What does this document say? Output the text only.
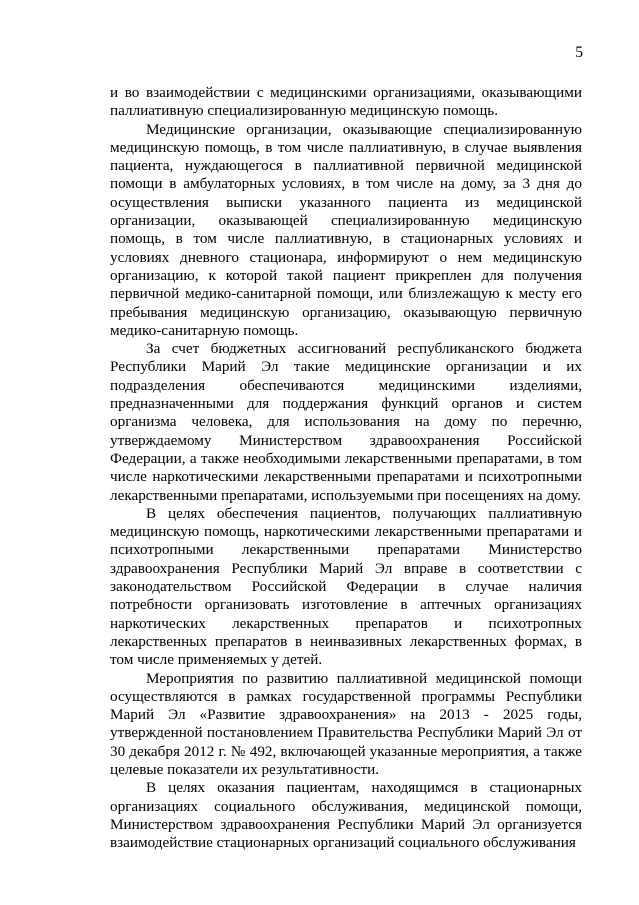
5

и во взаимодействии с медицинскими организациями, оказывающими паллиативную специализированную медицинскую помощь.

Медицинские организации, оказывающие специализированную медицинскую помощь, в том числе паллиативную, в случае выявления пациента, нуждающегося в паллиативной первичной медицинской помощи в амбулаторных условиях, в том числе на дому, за 3 дня до осуществления выписки указанного пациента из медицинской организации, оказывающей специализированную медицинскую помощь, в том числе паллиативную, в стационарных условиях и условиях дневного стационара, информируют о нем медицинскую организацию, к которой такой пациент прикреплен для получения первичной медико-санитарной помощи, или близлежащую к месту его пребывания медицинскую организацию, оказывающую первичную медико-санитарную помощь.

За счет бюджетных ассигнований республиканского бюджета Республики Марий Эл такие медицинские организации и их подразделения обеспечиваются медицинскими изделиями, предназначенными для поддержания функций органов и систем организма человека, для использования на дому по перечню, утверждаемому Министерством здравоохранения Российской Федерации, а также необходимыми лекарственными препаратами, в том числе наркотическими лекарственными препаратами и психотропными лекарственными препаратами, используемыми при посещениях на дому.

В целях обеспечения пациентов, получающих паллиативную медицинскую помощь, наркотическими лекарственными препаратами и психотропными лекарственными препаратами Министерство здравоохранения Республики Марий Эл вправе в соответствии с законодательством Российской Федерации в случае наличия потребности организовать изготовление в аптечных организациях наркотических лекарственных препаратов и психотропных лекарственных препаратов в неинвазивных лекарственных формах, в том числе применяемых у детей.

Мероприятия по развитию паллиативной медицинской помощи осуществляются в рамках государственной программы Республики Марий Эл «Развитие здравоохранения» на 2013 - 2025 годы, утвержденной постановлением Правительства Республики Марий Эл от 30 декабря 2012 г. № 492, включающей указанные мероприятия, а также целевые показатели их результативности.

В целях оказания пациентам, находящимся в стационарных организациях социального обслуживания, медицинской помощи, Министерством здравоохранения Республики Марий Эл организуется взаимодействие стационарных организаций социального обслуживания
